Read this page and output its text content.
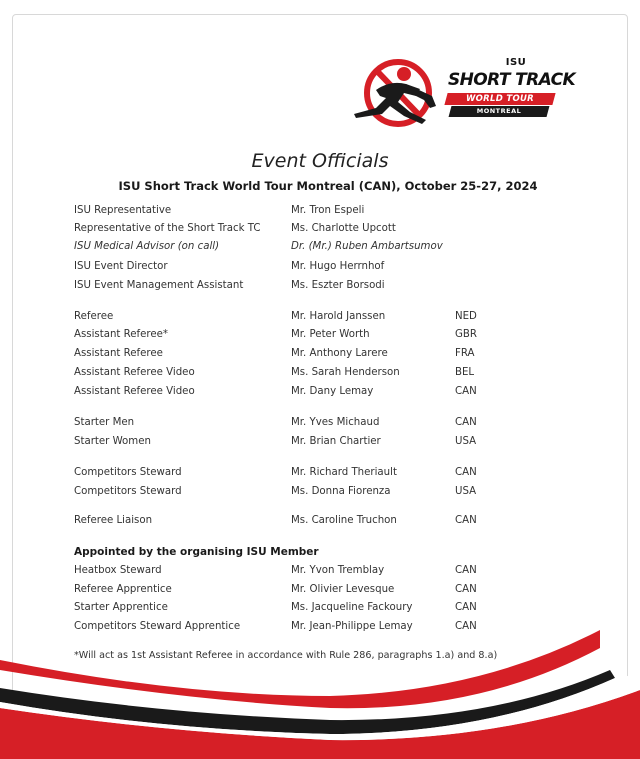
ISU
SHORT TRACK
WORLD TOUR
MONTREAL
Event Officials
ISU Short Track World Tour Montreal (CAN), October 25-27, 2024
ISU Representative	Mr. Tron Espeli
Representative of the Short Track TC	Ms. Charlotte Upcott
ISU Medical Advisor (on call)	Dr. (Mr.) Ruben Ambartsumov
ISU Event Director	Mr. Hugo Herrnhof
ISU Event Management Assistant	Ms. Eszter Borsodi
Referee	Mr. Harold Janssen	NED
Assistant Referee*	Mr. Peter Worth	GBR
Assistant Referee	Mr. Anthony Larere	FRA
Assistant Referee Video	Ms. Sarah Henderson	BEL
Assistant Referee Video	Mr. Dany Lemay	CAN
Starter Men	Mr. Yves Michaud	CAN
Starter Women	Mr. Brian Chartier	USA
Competitors Steward	Mr. Richard Theriault	CAN
Competitors Steward	Ms. Donna Fiorenza	USA
Referee Liaison	Ms. Caroline Truchon	CAN
Appointed by the organising ISU Member
Heatbox Steward	Mr. Yvon Tremblay	CAN
Referee Apprentice	Mr. Olivier Levesque	CAN
Starter Apprentice	Ms. Jacqueline Fackoury	CAN
Competitors Steward Apprentice	Mr. Jean-Philippe Lemay	CAN
*Will act as 1st Assistant Referee in accordance with Rule 286, paragraphs 1.a) and 8.a)
